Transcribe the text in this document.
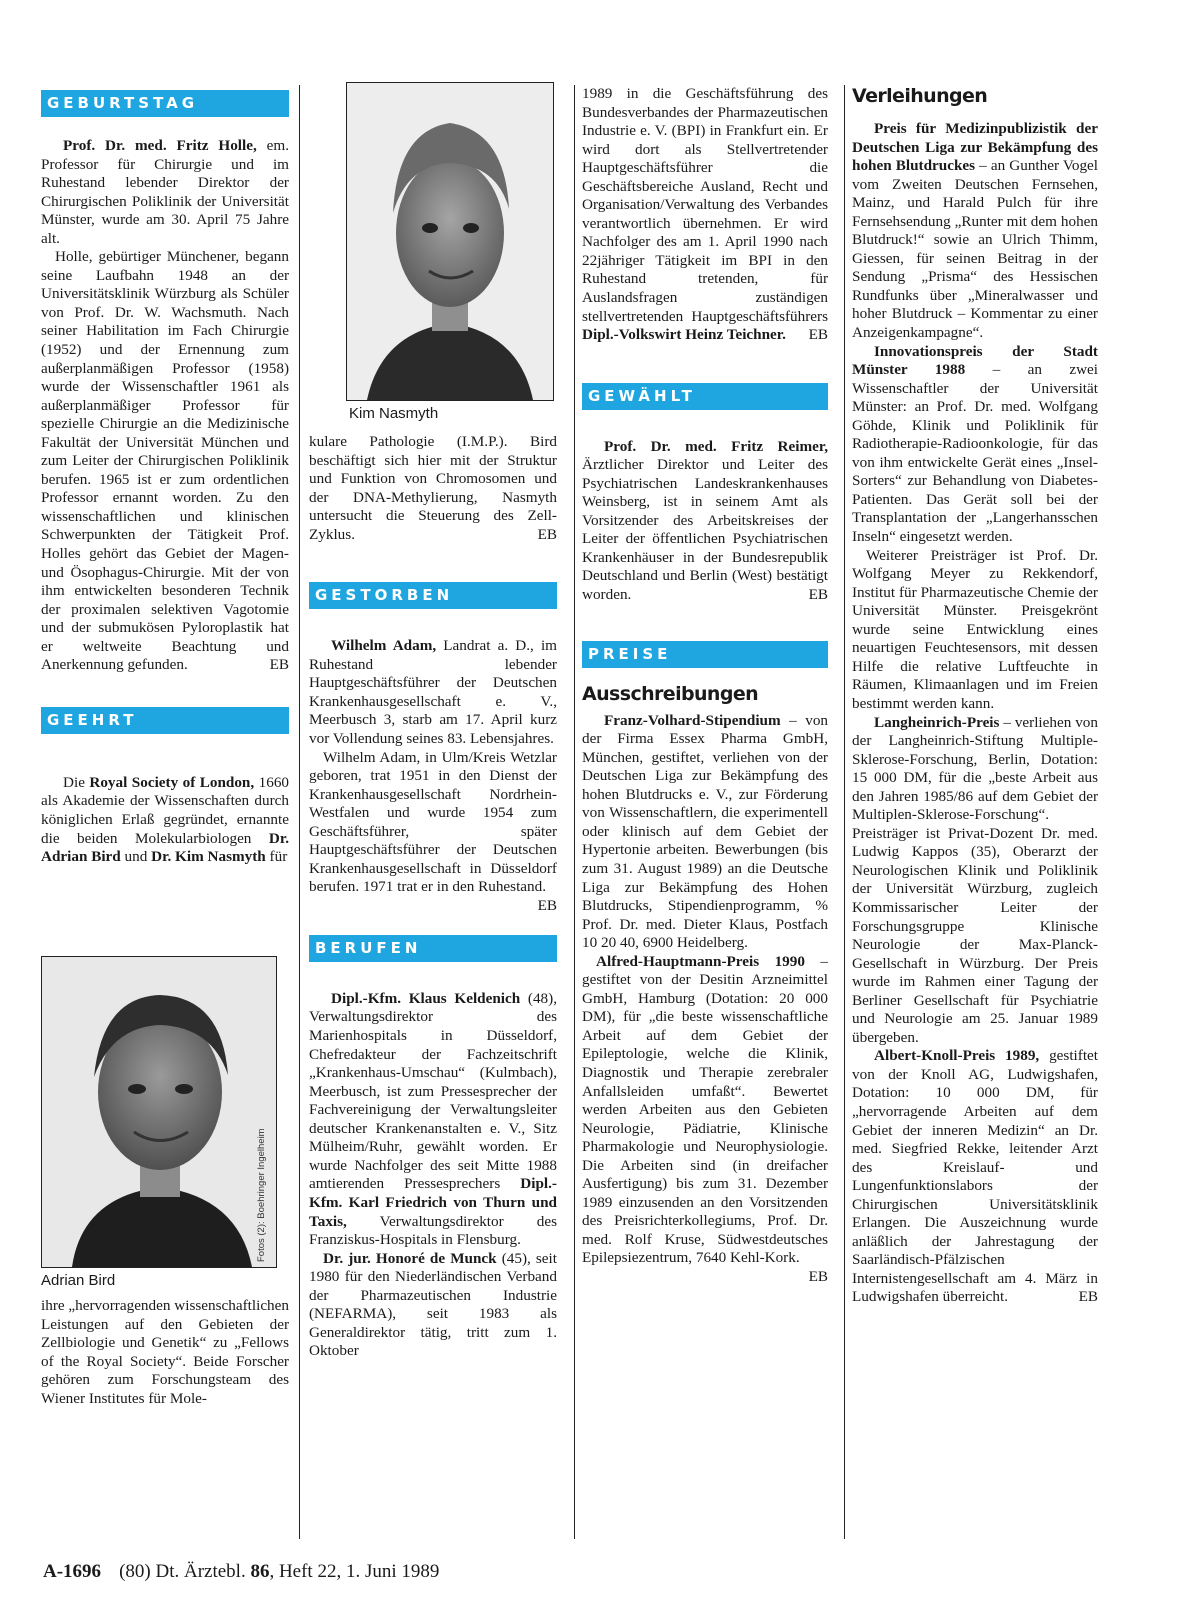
GEBURTSTAG

Prof. Dr. med. Fritz Holle, em. Professor für Chirurgie und im Ruhestand lebender Direktor der Chirurgischen Poliklinik der Universität Münster, wurde am 30. April 75 Jahre alt.

Holle, gebürtiger Münchener, begann seine Laufbahn 1948 an der Universitätsklinik Würzburg als Schüler von Prof. Dr. W. Wachsmuth. Nach seiner Habilitation im Fach Chirurgie (1952) und der Ernennung zum außerplanmäßigen Professor (1958) wurde der Wissenschaftler 1961 als außerplanmäßiger Professor für spezielle Chirurgie an die Medizinische Fakultät der Universität München und zum Leiter der Chirurgischen Poliklinik berufen. 1965 ist er zum ordentlichen Professor ernannt worden. Zu den wissenschaftlichen und klinischen Schwerpunkten der Tätigkeit Prof. Holles gehört das Gebiet der Magen- und Ösophagus-Chirurgie. Mit der von ihm entwickelten besonderen Technik der proximalen selektiven Vagotomie und der submukösen Pyloroplastik hat er weltweite Beachtung und Anerkennung gefunden.	EB

GEEHRT

Die Royal Society of London, 1660 als Akademie der Wissenschaften durch königlichen Erlaß gegründet, ernannte die beiden Molekularbiologen Dr. Adrian Bird und Dr. Kim Nasmyth für

Fotos (2): Boehringer Ingelheim
Adrian Bird

ihre „hervorragenden wissenschaftlichen Leistungen auf den Gebieten der Zellbiologie und Genetik“ zu „Fellows of the Royal Society“. Beide Forscher gehören zum Forschungsteam des Wiener Institutes für Mole-

Kim Nasmyth

kulare Pathologie (I.M.P.). Bird beschäftigt sich hier mit der Struktur und Funktion von Chromosomen und der DNA-Methylierung, Nasmyth untersucht die Steuerung des Zell-Zyklus.	EB

GESTORBEN

Wilhelm Adam, Landrat a. D., im Ruhestand lebender Hauptgeschäftsführer der Deutschen Krankenhausgesellschaft e. V., Meerbusch 3, starb am 17. April kurz vor Vollendung seines 83. Lebensjahres.

Wilhelm Adam, in Ulm/Kreis Wetzlar geboren, trat 1951 in den Dienst der Krankenhausgesellschaft Nordrhein-Westfalen und wurde 1954 zum Geschäftsführer, später Hauptgeschäftsführer der Deutschen Krankenhausgesellschaft in Düsseldorf berufen. 1971 trat er in den Ruhestand.
EB

BERUFEN

Dipl.-Kfm. Klaus Keldenich (48), Verwaltungsdirektor des Marienhospitals in Düsseldorf, Chefredakteur der Fachzeitschrift „Krankenhaus-Umschau“ (Kulmbach), Meerbusch, ist zum Pressesprecher der Fachvereinigung der Verwaltungsleiter deutscher Krankenanstalten e. V., Sitz Mülheim/Ruhr, gewählt worden. Er wurde Nachfolger des seit Mitte 1988 amtierenden Pressesprechers Dipl.-Kfm. Karl Friedrich von Thurn und Taxis, Verwaltungsdirektor des Franziskus-Hospitals in Flensburg.

Dr. jur. Honoré de Munck (45), seit 1980 für den Niederländischen Verband der Pharmazeutischen Industrie (NEFARMA), seit 1983 als Generaldirektor tätig, tritt zum 1. Oktober

1989 in die Geschäftsführung des Bundesverbandes der Pharmazeutischen Industrie e. V. (BPI) in Frankfurt ein. Er wird dort als Stellvertretender Hauptgeschäftsführer die Geschäftsbereiche Ausland, Recht und Organisation/Verwaltung des Verbandes verantwortlich übernehmen. Er wird Nachfolger des am 1. April 1990 nach 22jähriger Tätigkeit im BPI in den Ruhestand tretenden, für Auslandsfragen zuständigen stellvertretenden Hauptgeschäftsführers Dipl.-Volkswirt Heinz Teichner. EB

GEWÄHLT

Prof. Dr. med. Fritz Reimer, Ärztlicher Direktor und Leiter des Psychiatrischen Landeskrankenhauses Weinsberg, ist in seinem Amt als Vorsitzender des Arbeitskreises der Leiter der öffentlichen Psychiatrischen Krankenhäuser in der Bundesrepublik Deutschland und Berlin (West) bestätigt worden.	EB

PREISE
Ausschreibungen

Franz-Volhard-Stipendium – von der Firma Essex Pharma GmbH, München, gestiftet, verliehen von der Deutschen Liga zur Bekämpfung des hohen Blutdrucks e. V., zur Förderung von Wissenschaftlern, die experimentell oder klinisch auf dem Gebiet der Hypertonie arbeiten. Bewerbungen (bis zum 31. August 1989) an die Deutsche Liga zur Bekämpfung des Hohen Blutdrucks, Stipendienprogramm, % Prof. Dr. med. Dieter Klaus, Postfach 10 20 40, 6900 Heidelberg.

Alfred-Hauptmann-Preis 1990 – gestiftet von der Desitin Arzneimittel GmbH, Hamburg (Dotation: 20 000 DM), für „die beste wissenschaftliche Arbeit auf dem Gebiet der Epileptologie, welche die Klinik, Diagnostik und Therapie zerebraler Anfallsleiden umfaßt“. Bewertet werden Arbeiten aus den Gebieten Neurologie, Pädiatrie, Klinische Pharmakologie und Neurophysiologie. Die Arbeiten sind (in dreifacher Ausfertigung) bis zum 31. Dezember 1989 einzusenden an den Vorsitzenden des Preisrichterkollegiums, Prof. Dr. med. Rolf Kruse, Südwestdeutsches Epilepsiezentrum, 7640 Kehl-Kork.
EB

Verleihungen

Preis für Medizinpublizistik der Deutschen Liga zur Bekämpfung des hohen Blutdruckes – an Gunther Vogel vom Zweiten Deutschen Fernsehen, Mainz, und Harald Pulch für ihre Fernsehsendung „Runter mit dem hohen Blutdruck!“ sowie an Ulrich Thimm, Giessen, für seinen Beitrag in der Sendung „Prisma“ des Hessischen Rundfunks über „Mineralwasser und hoher Blutdruck – Kommentar zu einer Anzeigenkampagne“.

Innovationspreis der Stadt Münster 1988 – an zwei Wissenschaftler der Universität Münster: an Prof. Dr. med. Wolfgang Göhde, Klinik und Poliklinik für Radiotherapie-Radioonkologie, für das von ihm entwickelte Gerät eines „Insel-Sorters“ zur Behandlung von Diabetes-Patienten. Das Gerät soll bei der Transplantation der „Langerhansschen Inseln“ eingesetzt werden.

Weiterer Preisträger ist Prof. Dr. Wolfgang Meyer zu Rekkendorf, Institut für Pharmazeutische Chemie der Universität Münster. Preisgekrönt wurde seine Entwicklung eines neuartigen Feuchtesensors, mit dessen Hilfe die relative Luftfeuchte in Räumen, Klimaanlagen und im Freien bestimmt werden kann.

Langheinrich-Preis – verliehen von der Langheinrich-Stiftung Multiple-Sklerose-Forschung, Berlin, Dotation: 15 000 DM, für die „beste Arbeit aus den Jahren 1985/86 auf dem Gebiet der Multiplen-Sklerose-Forschung“. Preisträger ist Privat-Dozent Dr. med. Ludwig Kappos (35), Oberarzt der Neurologischen Klinik und Poliklinik der Universität Würzburg, zugleich Kommissarischer Leiter der Forschungsgruppe Klinische Neurologie der Max-Planck-Gesellschaft in Würzburg. Der Preis wurde im Rahmen einer Tagung der Berliner Gesellschaft für Psychiatrie und Neurologie am 25. Januar 1989 übergeben.

Albert-Knoll-Preis 1989, gestiftet von der Knoll AG, Ludwigshafen, Dotation: 10 000 DM, für „hervorragende Arbeiten auf dem Gebiet der inneren Medizin“ an Dr. med. Siegfried Rekke, leitender Arzt des Kreislauf- und Lungenfunktionslabors der Chirurgischen Universitätsklinik Erlangen. Die Auszeichnung wurde anläßlich der Jahrestagung der Saarländisch-Pfälzischen Internistengesellschaft am 4. März in Ludwigshafen überreicht.	EB

A-1696 (80) Dt. Ärztebl. 86, Heft 22, 1. Juni 1989
